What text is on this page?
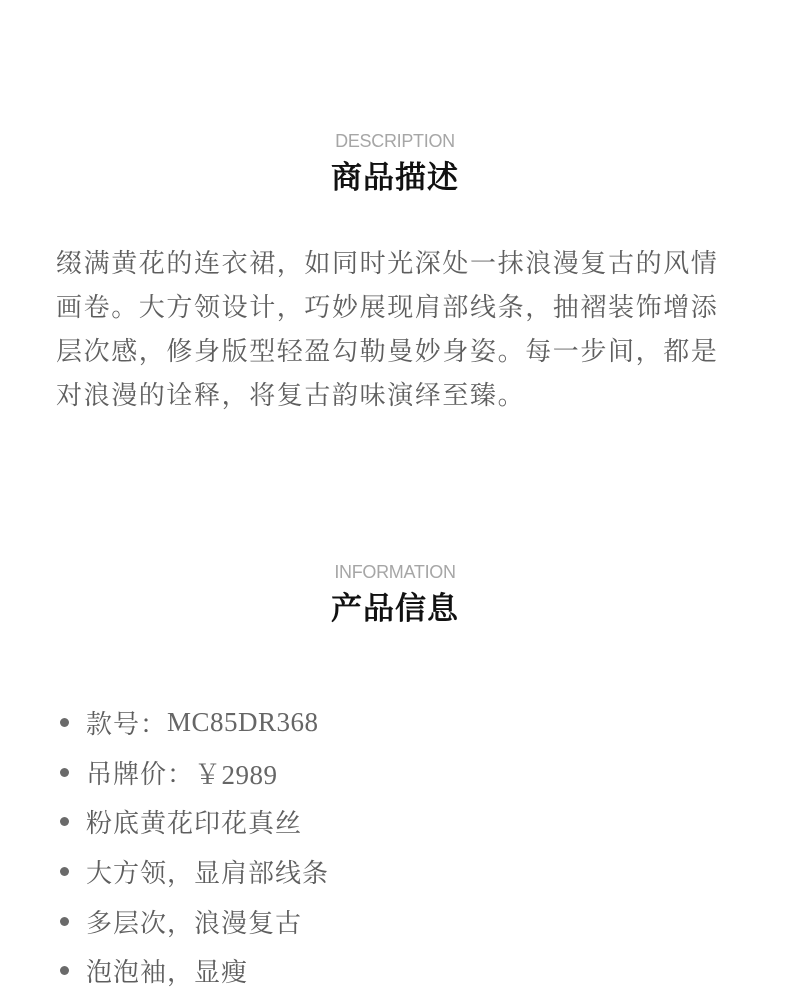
DESCRIPTION
商品描述

缀满黄花的连衣裙，如同时光深处一抹浪漫复古的风情画卷。大方领设计，巧妙展现肩部线条，抽褶装饰增添层次感，修身版型轻盈勾勒曼妙身姿。每一步间，都是对浪漫的诠释，将复古韵味演绎至臻。

INFORMATION
产品信息
款号： MC85DR368
吊牌价： ￥2989
粉底黄花印花真丝
大方领，显肩部线条
多层次，浪漫复古
泡泡袖，显瘦
